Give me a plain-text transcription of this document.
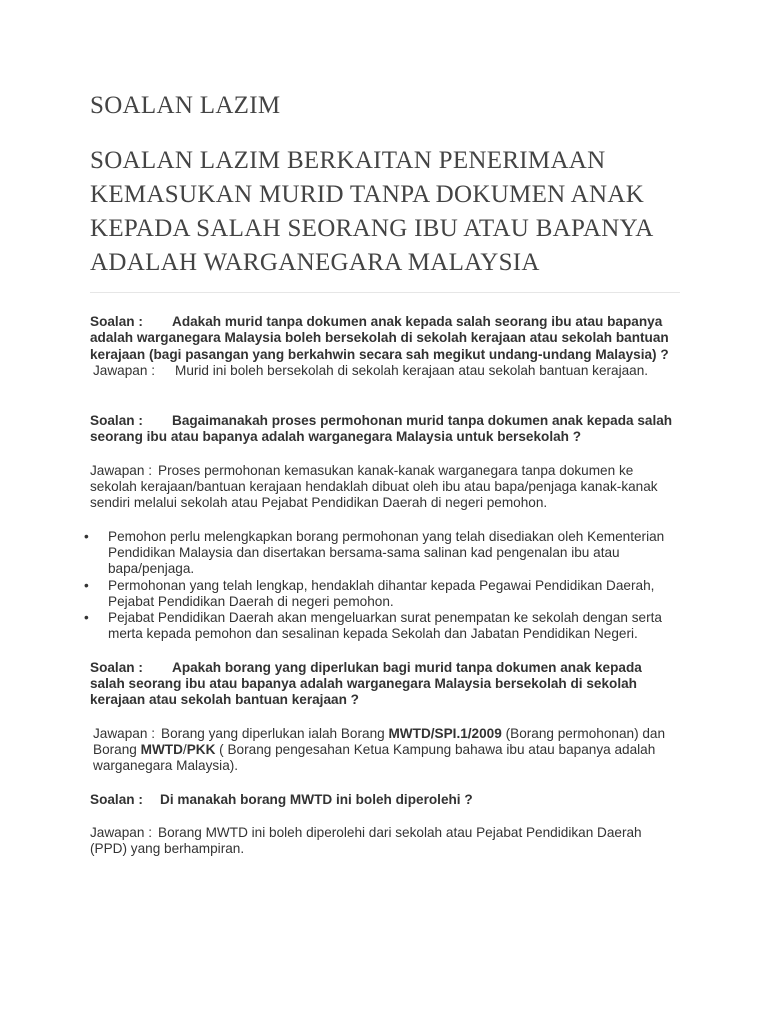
SOALAN LAZIM
SOALAN LAZIM BERKAITAN PENERIMAAN KEMASUKAN MURID TANPA DOKUMEN ANAK KEPADA SALAH SEORANG IBU ATAU BAPANYA ADALAH WARGANEGARA MALAYSIA

Soalan : Adakah murid tanpa dokumen anak kepada salah seorang ibu atau bapanya adalah warganegara Malaysia boleh bersekolah di sekolah kerajaan atau sekolah bantuan kerajaan (bagi pasangan yang berkahwin secara sah megikut undang-undang Malaysia) ?

Jawapan : Murid ini boleh bersekolah di sekolah kerajaan atau sekolah bantuan kerajaan.

Soalan : Bagaimanakah proses permohonan murid tanpa dokumen anak kepada salah seorang ibu atau bapanya adalah warganegara Malaysia untuk bersekolah ?

Jawapan : Proses permohonan kemasukan kanak-kanak warganegara tanpa dokumen ke sekolah kerajaan/bantuan kerajaan hendaklah dibuat oleh ibu atau bapa/penjaga kanak-kanak sendiri melalui sekolah atau Pejabat Pendidikan Daerah di negeri pemohon.

• Pemohon perlu melengkapkan borang permohonan yang telah disediakan oleh Kementerian Pendidikan Malaysia dan disertakan bersama-sama salinan kad pengenalan ibu atau bapa/penjaga.
• Permohonan yang telah lengkap, hendaklah dihantar kepada Pegawai Pendidikan Daerah, Pejabat Pendidikan Daerah di negeri pemohon.
• Pejabat Pendidikan Daerah akan mengeluarkan surat penempatan ke sekolah dengan serta merta kepada pemohon dan sesalinan kepada Sekolah dan Jabatan Pendidikan Negeri.

Soalan : Apakah borang yang diperlukan bagi murid tanpa dokumen anak kepada salah seorang ibu atau bapanya adalah warganegara Malaysia bersekolah di sekolah kerajaan atau sekolah bantuan kerajaan ?

Jawapan : Borang yang diperlukan ialah Borang MWTD/SPI.1/2009 (Borang permohonan) dan Borang MWTD/PKK ( Borang pengesahan Ketua Kampung bahawa ibu atau bapanya adalah warganegara Malaysia).

Soalan : Di manakah borang MWTD ini boleh diperolehi ?

Jawapan : Borang MWTD ini boleh diperolehi dari sekolah atau Pejabat Pendidikan Daerah (PPD) yang berhampiran.
